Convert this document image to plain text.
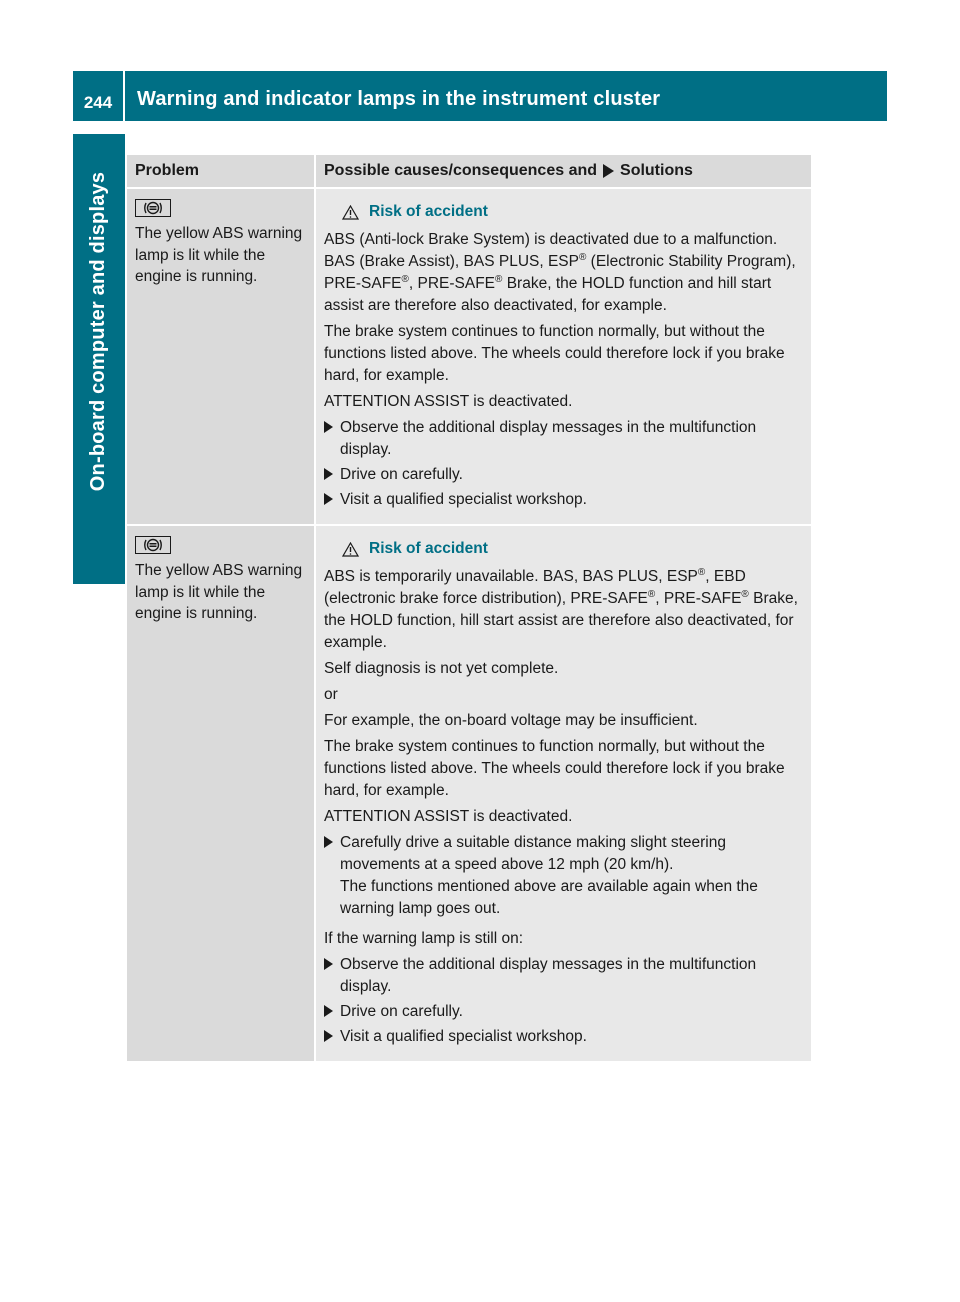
244	Warning and indicator lamps in the instrument cluster
On-board computer and displays
Problem	Possible causes/consequences and Solutions
The yellow ABS warning lamp is lit while the engine is running.
Risk of accident

ABS (Anti-lock Brake System) is deactivated due to a malfunction. BAS (Brake Assist), BAS PLUS, ESP® (Electronic Stability Program), PRE-SAFE®, PRE-SAFE® Brake, the HOLD function and hill start assist are therefore also deactivated, for example.

The brake system continues to function normally, but without the functions listed above. The wheels could therefore lock if you brake hard, for example.

ATTENTION ASSIST is deactivated.

Observe the additional display messages in the multifunction display.
Drive on carefully.
Visit a qualified specialist workshop.
The yellow ABS warning lamp is lit while the engine is running.
Risk of accident

ABS is temporarily unavailable. BAS, BAS PLUS, ESP®, EBD (electronic brake force distribution), PRE-SAFE®, PRE-SAFE® Brake, the HOLD function, hill start assist are therefore also deactivated, for example.

Self diagnosis is not yet complete.

or

For example, the on-board voltage may be insufficient.

The brake system continues to function normally, but without the functions listed above. The wheels could therefore lock if you brake hard, for example.

ATTENTION ASSIST is deactivated.

Carefully drive a suitable distance making slight steering movements at a speed above 12 mph (20 km/h).
The functions mentioned above are available again when the warning lamp goes out.

If the warning lamp is still on:

Observe the additional display messages in the multifunction display.
Drive on carefully.
Visit a qualified specialist workshop.
